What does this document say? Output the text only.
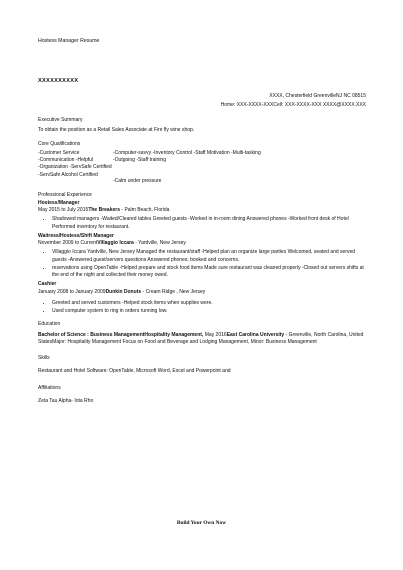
Hostess Manager Resume
XXXXXXXXXX
XXXX, Chesterfield GreenvilleNJ NC 08515
Home: XXX-XXXX-XXXCell: XXX-XXXX-XXX XXXX@XXXX.XXX
Executive Summary
To obtain the position as a Retail Sales Associate at Fire fly wine shop.
Core Qualifications
-Customer Service
-Communication -Helpful
-Organization -ServSafe Certified
-ServSafe Alcohol Certified
-Computer-savvy -Inventory Control -Staff Motivation -Multi-tasking
-Outgoing -Staff training
-Calm under pressure
Professional Experience
Hostess/Manager
May 2015 to July 2015The Breakers - Palm Beach, Florida
• Shadowed managers -Waited/Cleared tables Greeted guests -Worked in in-room dining Answered phones -Worked front desk of Hotel Performed inventory for restaurant.
Waitress/Hostess/Shift Manager
November 2009 to CurrentVillaggio Iccara - Yardville, New Jersey
• Villaggio Iccara Yardville, New Jersey Managed the restaurant/staff -Helped plan an organize large parties Welcomed, seated and served guests -Answered guest/servers questions Answered phones; booked and concerns.
• reservations using OpenTable -Helped prepare and stock food items Made sure restaurant was cleaned properly -Closed out servers shifts at the end of the night and collected their money owed.
Cashier
January 2008 to January 2009Dunkin Donuts - Cream Ridge , New Jersey
• Greeted and served customers -Helped stock items when supplies were.
• Used computer system to ring in orders running low.
Education
Bachelor of Science : Business ManagementHospitality Management, May 2016East Carolina University - Greenville, North Carolina, United StatesMajor: Hospitality Management Focus on Food and Beverage and Lodging Management, Minor: Business Management
Skills
Restaurant and Hotel Software: OpenTable, Microsoft Word, Excel and Powerpoint and
Affiliations
Zeta Tau Alpha- Iota Rho
Build Your Own Now
